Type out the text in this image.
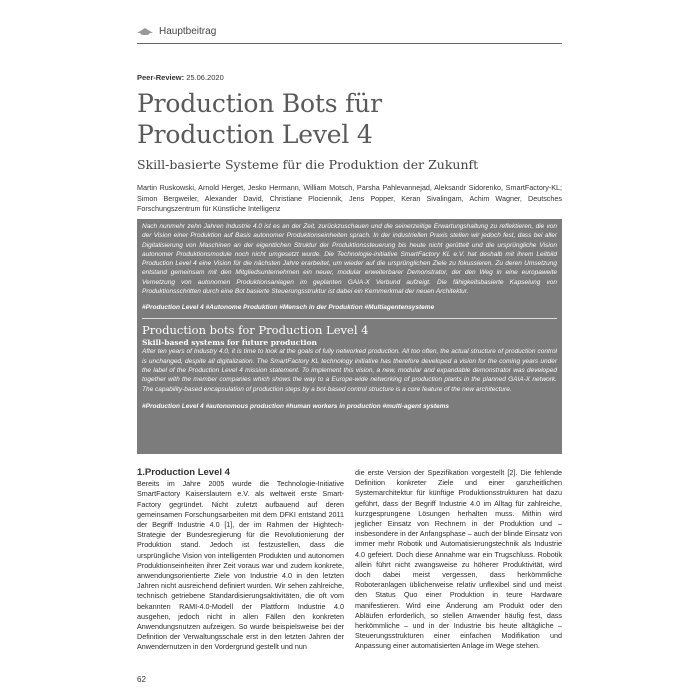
Hauptbeitrag
Peer-Review: 25.06.2020
Production Bots für
Production Level 4
Skill-basierte Systeme für die Produktion der Zukunft
Martin Ruskowski, Arnold Herget, Jesko Hermann, William Motsch, Parsha Pahlevannejad, Aleksandr Sidorenko, SmartFactory-KL; Simon Bergweiler, Alexander David, Christiane Plociennik, Jens Popper, Keran Sivalingam, Achim Wagner, Deutsches Forschungszentrum für Künstliche Intelligenz

Nach nunmehr zehn Jahren Industrie 4.0 ist es an der Zeit, zurückzuschauen und die seinerzeitige Erwartungshaltung zu reflektieren, die von der Vision einer Produktion auf Basis autonomer Produktionseinheiten sprach. In der industriellen Praxis stellen wir jedoch fest, dass bei aller Digitalisierung von Maschinen an der eigentlichen Struktur der Produktionssteuerung bis heute nicht gerüttelt und die ursprüngliche Vision autonomer Produktionsmodule noch nicht umgesetzt wurde. Die Technologie-initiative SmartFactory KL e.V. hat deshalb mit ihrem Leitbild Production Level 4 eine Vision für die nächsten Jahre erarbeitet, um wieder auf die ursprünglichen Ziele zu fokussieren. Zu deren Umsetzung entstand gemeinsam mit den Mitgliedsunternehmen ein neuer, modular erweiterbarer Demonstrator, der den Weg in eine europaweite Vernetzung von autonomen Produktionsanlagen im geplanten GAIA-X Verbund aufzeigt. Die fähigkeitsbasierte Kapselung von Produktionsschritten durch eine Bot basierte Steuerungsstruktur ist dabei ein Kernmerkmal der neuen Architektur.

#Production Level 4 #Autonome Produktion #Mensch in der Produktion #Multiagentensysteme
Production bots for Production Level 4
Skill-based systems for future production

After ten years of Industry 4.0, it is time to look at the goals of fully networked production. All too often, the actual structure of production control is unchanged, despite all digitalization. The SmartFactory KL technology initiative has therefore developed a vision for the coming years under the label of the Production Level 4 mission statement. To implement this vision, a new, modular and expandable demonstrator was developed together with the member companies which shows the way to a Europe-wide networking of production plants in the planned GAIA-X network. The capability-based encapsulation of production steps by a bot-based control structure is a core feature of the new architecture.

#Production Level 4 #autonomous production #human workers in production #multi-agent systems
1.Production Level 4

Bereits im Jahre 2005 wurde die Technologie-Initiative SmartFactory Kaiserslautern e.V. als weltweit erste Smart-Factory gegründet. Nicht zuletzt aufbauend auf deren gemeinsamen Forschungsarbeiten mit dem DFKI entstand 2011 der Begriff Industrie 4.0 [1], der im Rahmen der Hightech-Strategie der Bundesregierung für die Revolutionierung der Produktion stand. Jedoch ist festzustellen, dass die ursprüngliche Vision von intelligenten Produkten und autonomen Produktionseinheiten ihrer Zeit voraus war und zudem konkrete, anwendungsorientierte Ziele von Industrie 4.0 in den letzten Jahren nicht ausreichend definiert wurden. Wir sehen zahlreiche, technisch getriebene Standardisierungsaktivitäten, die oft vom bekannten RAMI-4.0-Modell der Plattform Industrie 4.0 ausgehen, jedoch nicht in allen Fällen den konkreten Anwendungsnutzen aufzeigen. So wurde beispielsweise bei der Definition der Verwaltungsschale erst in den letzten Jahren der Anwendernutzen in den Vordergrund gestellt und nun

die erste Version der Spezifikation vorgestellt [2]. Die fehlende Definition konkreter Ziele und einer ganzheitlichen Systemarchitektur für künftige Produktionsstrukturen hat dazu geführt, dass der Begriff Industrie 4.0 im Alltag für zahlreiche, kurzgesprungene Lösungen herhalten muss. Mithin wird jeglicher Einsatz von Rechnern in der Produktion und – insbesondere in der Anfangsphase – auch der blinde Einsatz von immer mehr Robotik und Automatisierungstechnik als Industrie 4.0 gefeiert. Doch diese Annahme war ein Trugschluss. Robotik allein führt nicht zwangsweise zu höherer Produktivität, wird doch dabei meist vergessen, dass herkömmliche Roboteranlagen üblicherweise relativ unflexibel sind und meist den Status Quo einer Produktion in teure Hardware manifestieren. Wird eine Änderung am Produkt oder den Abläufen erforderlich, so stellen Anwender häufig fest, dass herkömmliche – und in der Industrie bis heute alltägliche – Steuerungsstrukturen einer einfachen Modifikation und Anpassung einer automatisierten Anlage im Wege stehen.

62
